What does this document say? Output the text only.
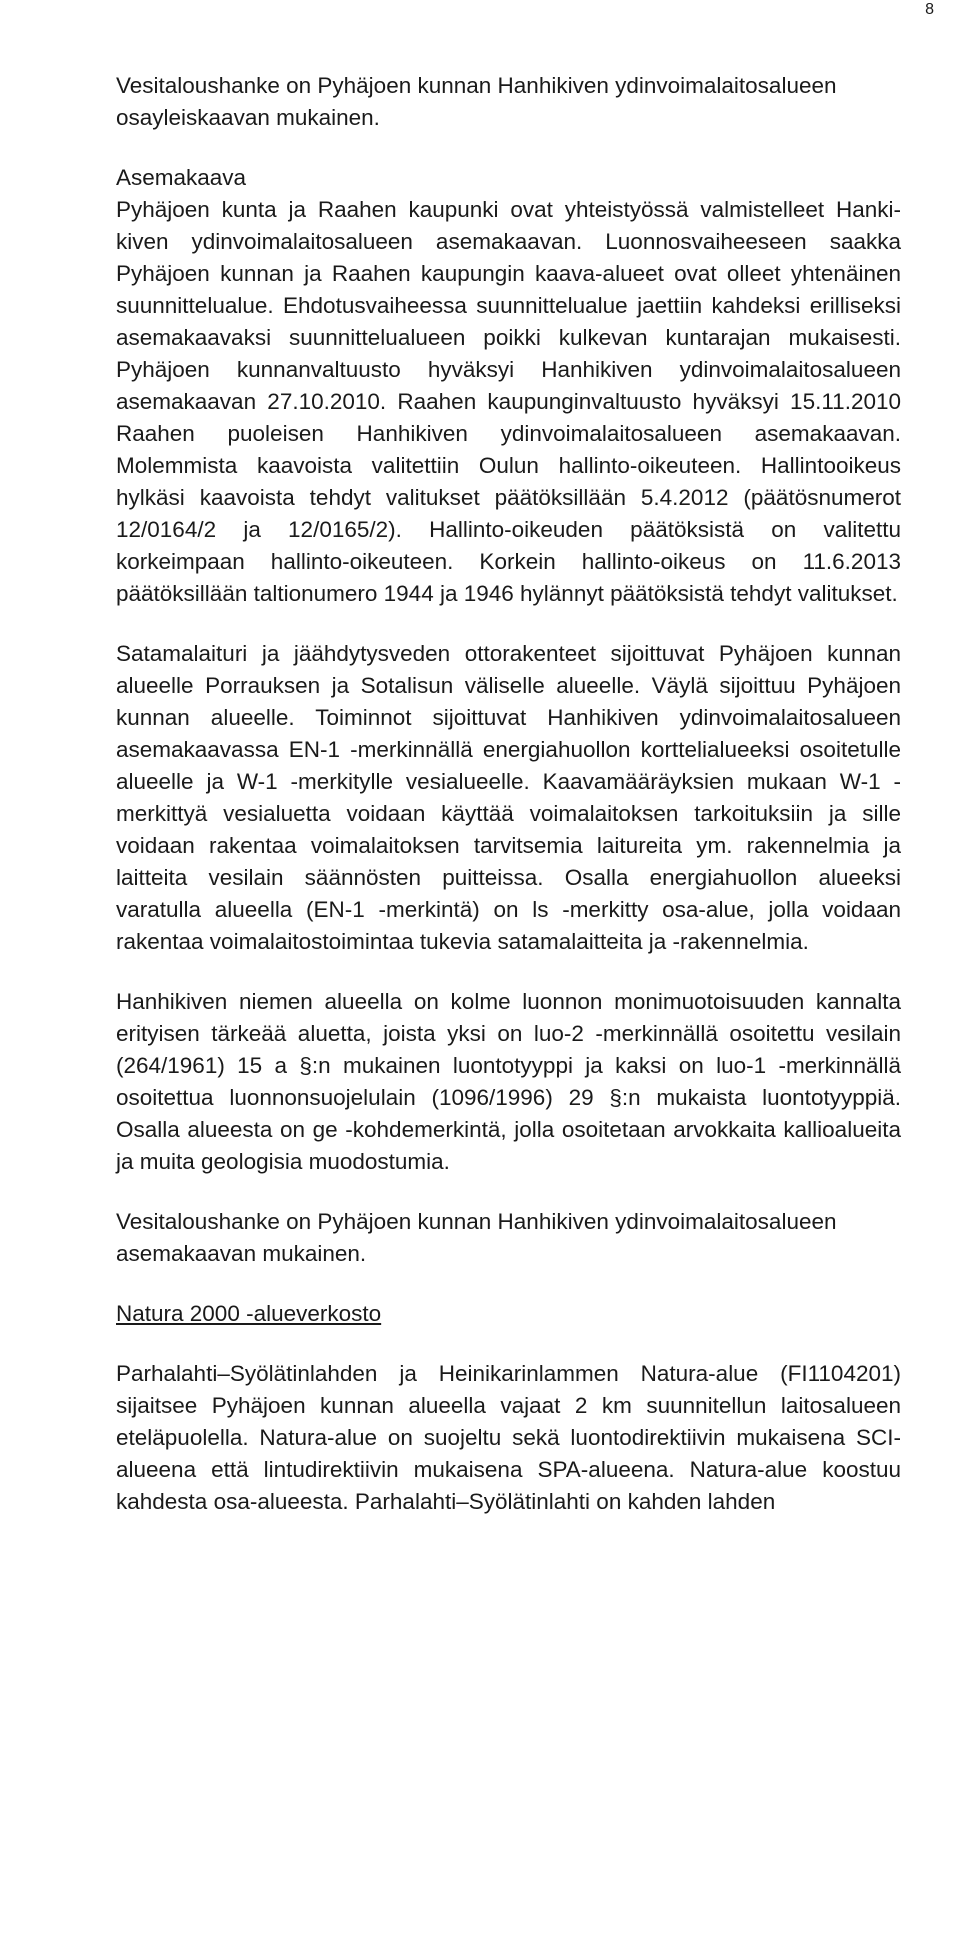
8

Vesitaloushanke on Pyhäjoen kunnan Hanhikiven ydinvoimalaitosalueen osayleiskaavan mukainen.

Asemakaava

Pyhäjoen kunta ja Raahen kaupunki ovat yhteistyössä valmistelleet Hankikiven ydinvoimalaitosalueen asemakaavan. Luonnosvaiheeseen saakka Pyhäjoen kunnan ja Raahen kaupungin kaava-alueet ovat olleet yhtenäinen suunnittelualue. Ehdotusvaiheessa suunnittelualue jaettiin kahdeksi erilliseksi asemakaavaksi suunnittelualueen poikki kulkevan kuntarajan mukaisesti. Pyhäjoen kunnanvaltuusto hyväksyi Hanhikiven ydinvoimalaitosalueen asemakaavan 27.10.2010. Raahen kaupunginvaltuusto hyväksyi 15.11.2010 Raahen puoleisen Hanhikiven ydinvoimalaitosalueen asemakaavan. Molemmista kaavoista valitettiin Oulun hallinto-oikeuteen. Hallintooikeus hylkäsi kaavoista tehdyt valitukset päätöksillään 5.4.2012 (päätösnumerot 12/0164/2 ja 12/0165/2). Hallinto-oikeuden päätöksistä on valitettu korkeimpaan hallinto-oikeuteen. Korkein hallinto-oikeus on 11.6.2013 päätöksillään taltionumero 1944 ja 1946 hylännyt päätöksistä tehdyt valitukset.

Satamalaituri ja jäähdytysveden ottorakenteet sijoittuvat Pyhäjoen kunnan alueelle Porrauksen ja Sotalisun väliselle alueelle. Väylä sijoittuu Pyhäjoen kunnan alueelle. Toiminnot sijoittuvat Hanhikiven ydinvoimalaitosalueen asemakaavassa EN-1 -merkinnällä energiahuollon korttelialueeksi osoitetulle alueelle ja W-1 -merkitylle vesialueelle. Kaavamääräyksien mukaan W-1 -merkittyä vesialuetta voidaan käyttää voimalaitoksen tarkoituksiin ja sille voidaan rakentaa voimalaitoksen tarvitsemia laitureita ym. rakennelmia ja laitteita vesilain säännösten puitteissa. Osalla energiahuollon alueeksi varatulla alueella (EN-1 -merkintä) on ls -merkitty osa-alue, jolla voidaan rakentaa voimalaitostoimintaa tukevia satamalaitteita ja -rakennelmia.

Hanhikiven niemen alueella on kolme luonnon monimuotoisuuden kannalta erityisen tärkeää aluetta, joista yksi on luo-2 -merkinnällä osoitettu vesilain (264/1961) 15 a §:n mukainen luontotyyppi ja kaksi on luo-1 -merkinnällä osoitettua luonnonsuojelulain (1096/1996) 29 §:n mukaista luontotyyppiä. Osalla alueesta on ge -kohdemerkintä, jolla osoitetaan arvokkaita kallioalueita ja muita geologisia muodostumia.

Vesitaloushanke on Pyhäjoen kunnan Hanhikiven ydinvoimalaitosalueen asemakaavan mukainen.

Natura 2000 -alueverkosto

Parhalahti–Syölätinlahden ja Heinikarinlammen Natura-alue (FI1104201) sijaitsee Pyhäjoen kunnan alueella vajaat 2 km suunnitellun laitosalueen eteläpuolella. Natura-alue on suojeltu sekä luontodirektiivin mukaisena SCI-alueena että lintudirektiivin mukaisena SPA-alueena. Natura-alue koostuu kahdesta osa-alueesta. Parhalahti–Syölätinlahti on kahden lahden
